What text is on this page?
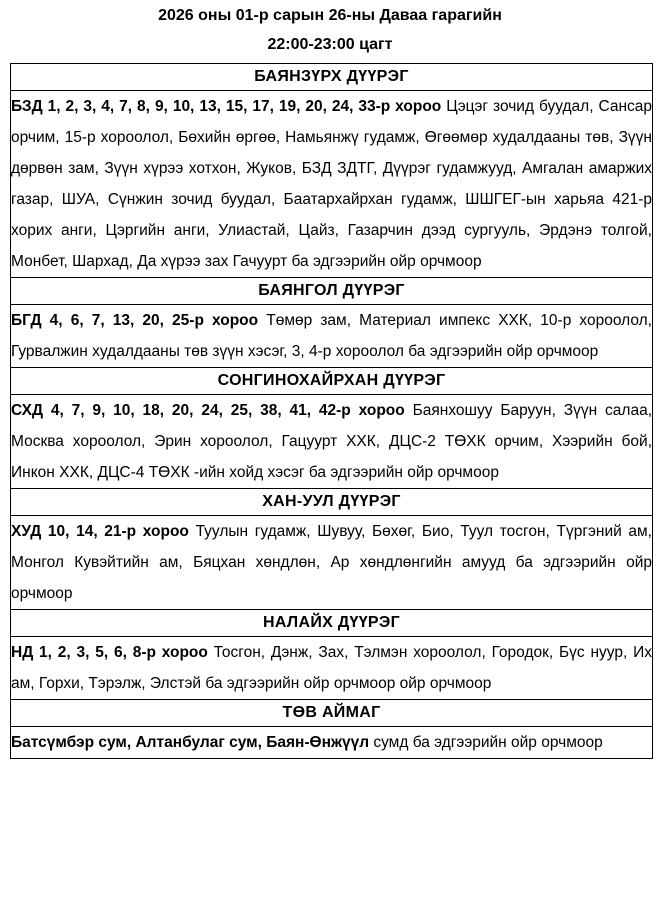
2026 оны 01-р сарын 26-ны Даваа гарагийн
22:00-23:00 цагт
БАЯНЗҮРХ ДҮҮРЭГ
БЗД 1, 2, 3, 4, 7, 8, 9, 10, 13, 15, 17, 19, 20, 24, 33-р хороо Цэцэг зочид буудал, Сансар орчим, 15-р хороолол, Бөхийн өргөө, Намьянжү гудамж, Өгөөмөр худалдааны төв, Зүүн дөрвөн зам, Зүүн хүрээ хотхон, Жуков, БЗД ЗДТГ, Дүүрэг гудамжууд, Амгалан амаржих газар, ШУА, Сүнжин зочид буудал, Баатархайрхан гудамж, ШШГЕГ-ын харьяа 421-р хорих анги, Цэргийн анги, Улиастай, Цайз, Газарчин дээд сургууль, Эрдэнэ толгой, Монбет, Шархад, Да хүрээ зах Гачуурт ба эдгээрийн ойр орчмоор
БАЯНГОЛ ДҮҮРЭГ
БГД 4, 6, 7, 13, 20, 25-р хороо Төмөр зам, Материал импекс ХХК, 10-р хороолол, Гурвалжин худалдааны төв зүүн хэсэг, 3, 4-р хороолол ба эдгээрийн ойр орчмоор
СОНГИНОХАЙРХАН ДҮҮРЭГ
СХД 4, 7, 9, 10, 18, 20, 24, 25, 38, 41, 42-р хороо Баянхошуу Баруун, Зүүн салаа, Москва хороолол, Эрин хороолол, Гацуурт ХХК, ДЦС-2 ТӨХК орчим, Хээрийн бой, Инкон ХХК, ДЦС-4 ТӨХК -ийн хойд хэсэг ба эдгээрийн ойр орчмоор
ХАН-УУЛ ДҮҮРЭГ
ХУД 10, 14, 21-р хороо Туулын гудамж, Шувуу, Бөхөг, Био, Туул тосгон, Түргэний ам, Монгол Кувэйтийн ам, Бяцхан хөндлөн, Ар хөндлөнгийн амууд ба эдгээрийн ойр орчмоор
НАЛАЙХ ДҮҮРЭГ
НД 1, 2, 3, 5, 6, 8-р хороо Тосгон, Дэнж, Зах, Тэлмэн хороолол, Городок, Бүс нуур, Их ам, Горхи, Тэрэлж, Элстэй ба эдгээрийн ойр орчмоор ойр орчмоор
ТӨВ АЙМАГ
Батсүмбэр сум, Алтанбулаг сум, Баян-Өнжүүл сумд ба эдгээрийн ойр орчмоор
